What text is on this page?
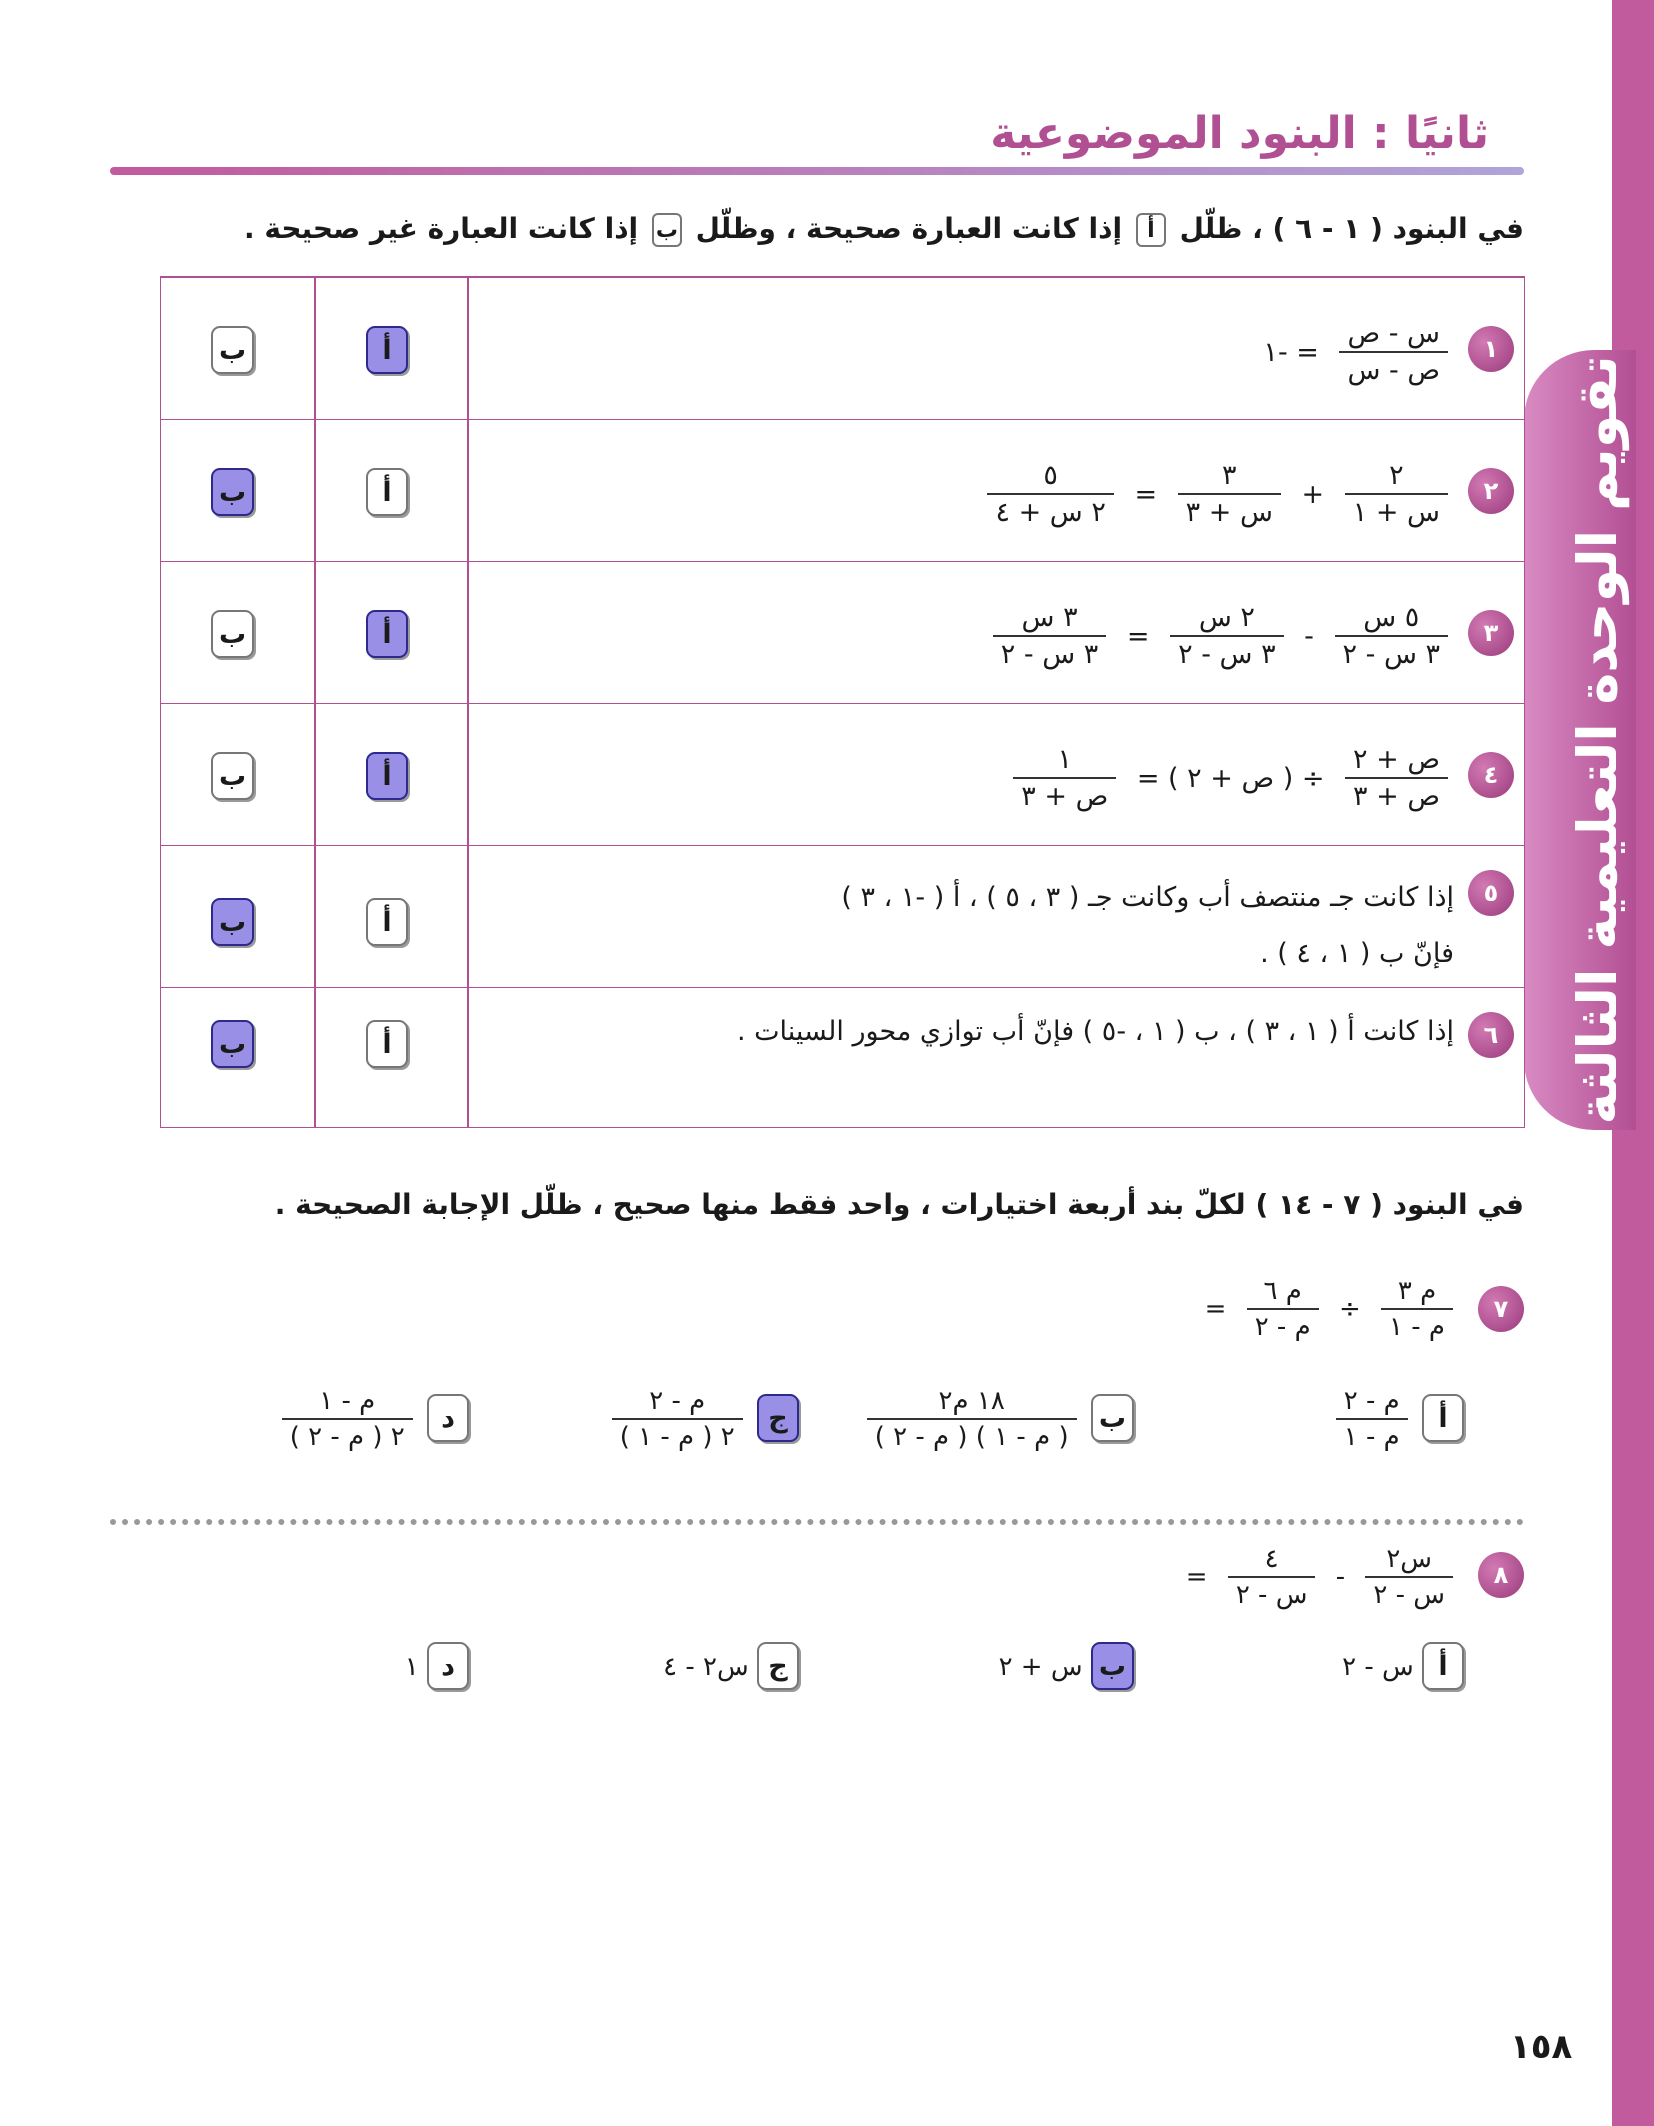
تقويم الوحدة التعليمية الثالثة
ثانيًا : البنود الموضوعية
في البنود ( ١ - ٦ ) ، ظلّل أ إذا كانت العبارة صحيحة ، وظلّل ب إذا كانت العبارة غير صحيحة .
١
$\frac{\text{س - ص}}{\text{ص - س}}$
= -١
أ
ب
٢
$\frac{٢}{\text{س + ١}}$
+
$\frac{٣}{\text{س + ٣}}$
=
$\frac{٥}{\text{٢ س + ٤}}$
أ
ب
٣
$\frac{\text{٥ س}}{\text{٣ س - ٢}}$
-
$\frac{\text{٢ س}}{\text{٣ س - ٢}}$
=
$\frac{\text{٣ س}}{\text{٣ س - ٢}}$
أ
ب
٤
$\frac{\text{ص + ٢}}{\text{ص + ٣}}$
÷ ( ص + ٢ ) =
$\frac{١}{\text{ص + ٣}}$
أ
ب
٥
إذا كانت جـ منتصف أب وكانت جـ ( ٣ ، ٥ ) ، أ ( -١ ، ٣ )
فإنّ ب ( ١ ، ٤ ) .
أ
ب
٦
إذا كانت أ ( ١ ، ٣ ) ، ب ( ١ ، -٥ ) فإنّ أب توازي محور السينات .
أ
ب
في البنود ( ٧ - ١٤ ) لكلّ بند أربعة اختيارات ، واحد فقط منها صحيح ، ظلّل الإجابة الصحيحة .
٧
$\frac{\text{م ٣}}{\text{م - ١}}$
÷
$\frac{\text{م ٦}}{\text{م - ٢}}$
=
أ
$\frac{\text{م - ٢}}{\text{م - ١}}$
ب
$\frac{\text{١٨ م٢}}{\text{( م - ١ ) ( م - ٢ )}}$
ج
$\frac{\text{م - ٢}}{\text{٢ ( م - ١ )}}$
د
$\frac{\text{م - ١}}{\text{٢ ( م - ٢ )}}$
٨
$\frac{\text{س٢}}{\text{س - ٢}}$
-
$\frac{٤}{\text{س - ٢}}$
=
أ س - ٢
ب س + ٢
ج س٢ - ٤
د ١
١٥٨
